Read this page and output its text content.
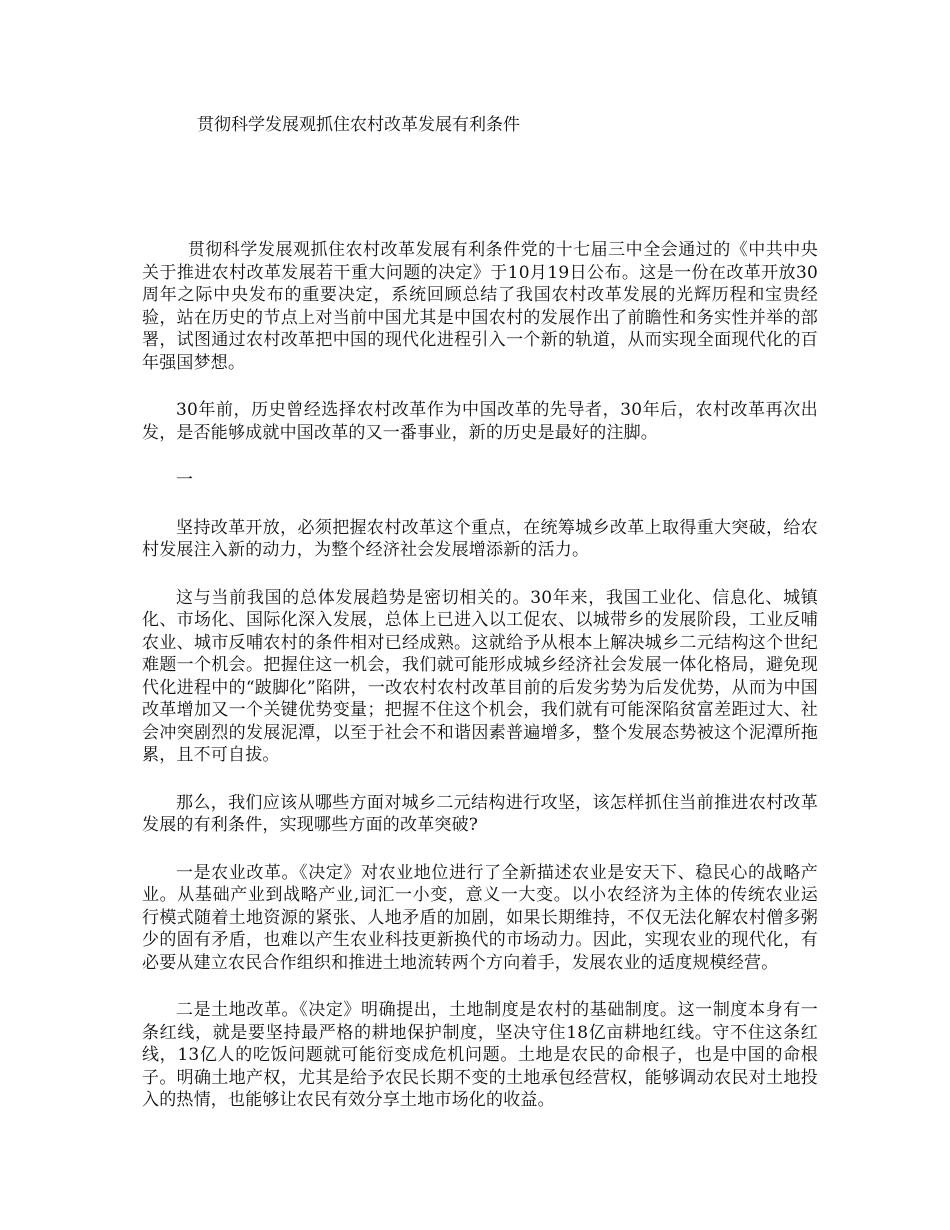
贯彻科学发展观抓住农村改革发展有利条件

贯彻科学发展观抓住农村改革发展有利条件党的十七届三中全会通过的《中共中央关于推进农村改革发展若干重大问题的决定》于10月19日公布。这是一份在改革开放30周年之际中央发布的重要决定，系统回顾总结了我国农村改革发展的光辉历程和宝贵经验，站在历史的节点上对当前中国尤其是中国农村的发展作出了前瞻性和务实性并举的部署，试图通过农村改革把中国的现代化进程引入一个新的轨道，从而实现全面现代化的百年强国梦想。

30年前，历史曾经选择农村改革作为中国改革的先导者，30年后，农村改革再次出发，是否能够成就中国改革的又一番事业，新的历史是最好的注脚。

一

坚持改革开放，必须把握农村改革这个重点，在统筹城乡改革上取得重大突破，给农村发展注入新的动力，为整个经济社会发展增添新的活力。

这与当前我国的总体发展趋势是密切相关的。30年来，我国工业化、信息化、城镇化、市场化、国际化深入发展，总体上已进入以工促农、以城带乡的发展阶段，工业反哺农业、城市反哺农村的条件相对已经成熟。这就给予从根本上解决城乡二元结构这个世纪难题一个机会。把握住这一机会，我们就可能形成城乡经济社会发展一体化格局，避免现代化进程中的“跛脚化”陷阱，一改农村农村改革目前的后发劣势为后发优势，从而为中国改革增加又一个关键优势变量；把握不住这个机会，我们就有可能深陷贫富差距过大、社会冲突剧烈的发展泥潭，以至于社会不和谐因素普遍增多，整个发展态势被这个泥潭所拖累，且不可自拔。

那么，我们应该从哪些方面对城乡二元结构进行攻坚，该怎样抓住当前推进农村改革发展的有利条件，实现哪些方面的改革突破?

一是农业改革。《决定》对农业地位进行了全新描述农业是安天下、稳民心的战略产业。从基础产业到战略产业,词汇一小变，意义一大变。以小农经济为主体的传统农业运行模式随着土地资源的紧张、人地矛盾的加剧，如果长期维持，不仅无法化解农村僧多粥少的固有矛盾，也难以产生农业科技更新换代的市场动力。因此，实现农业的现代化，有必要从建立农民合作组织和推进土地流转两个方向着手，发展农业的适度规模经营。

二是土地改革。《决定》明确提出，土地制度是农村的基础制度。这一制度本身有一条红线，就是要坚持最严格的耕地保护制度，坚决守住18亿亩耕地红线。守不住这条红线，13亿人的吃饭问题就可能衍变成危机问题。土地是农民的命根子，也是中国的命根子。明确土地产权，尤其是给予农民长期不变的土地承包经营权，能够调动农民对土地投入的热情，也能够让农民有效分享土地市场化的收益。
